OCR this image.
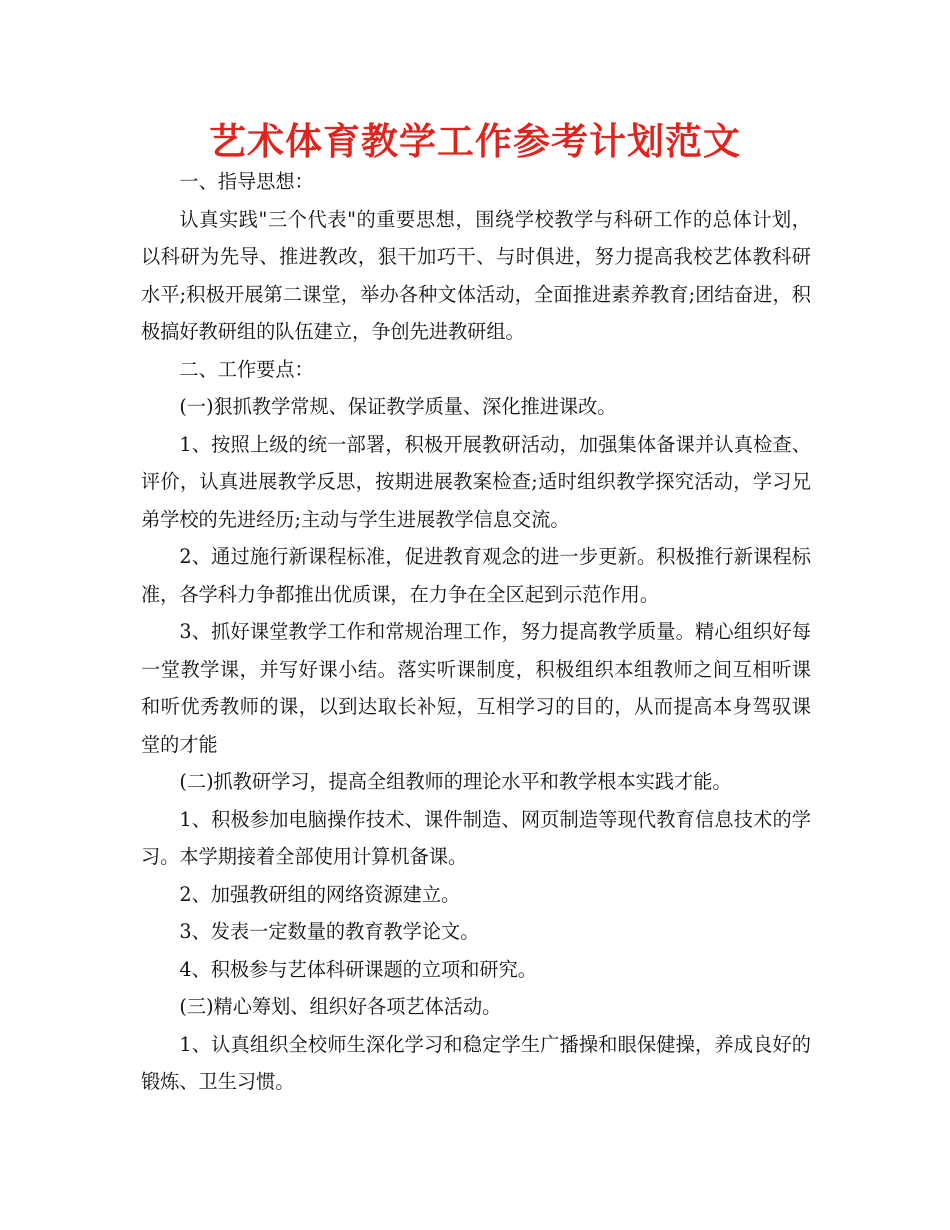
艺术体育教学工作参考计划范文

一、指导思想：

认真实践"三个代表"的重要思想，围绕学校教学与科研工作的总体计划，以科研为先导、推进教改，狠干加巧干、与时俱进，努力提高我校艺体教科研水平;积极开展第二课堂，举办各种文体活动，全面推进素养教育;团结奋进，积极搞好教研组的队伍建立，争创先进教研组。

二、工作要点：

(一)狠抓教学常规、保证教学质量、深化推进课改。

1、按照上级的统一部署，积极开展教研活动，加强集体备课并认真检查、评价，认真进展教学反思，按期进展教案检查;适时组织教学探究活动，学习兄弟学校的先进经历;主动与学生进展教学信息交流。

2、通过施行新课程标准，促进教育观念的进一步更新。积极推行新课程标准，各学科力争都推出优质课，在力争在全区起到示范作用。

3、抓好课堂教学工作和常规治理工作，努力提高教学质量。精心组织好每一堂教学课，并写好课小结。落实听课制度，积极组织本组教师之间互相听课和听优秀教师的课，以到达取长补短，互相学习的目的，从而提高本身驾驭课堂的才能

(二)抓教研学习，提高全组教师的理论水平和教学根本实践才能。

1、积极参加电脑操作技术、课件制造、网页制造等现代教育信息技术的学习。本学期接着全部使用计算机备课。

2、加强教研组的网络资源建立。

3、发表一定数量的教育教学论文。

4、积极参与艺体科研课题的立项和研究。

(三)精心筹划、组织好各项艺体活动。

1、认真组织全校师生深化学习和稳定学生广播操和眼保健操，养成良好的锻炼、卫生习惯。
